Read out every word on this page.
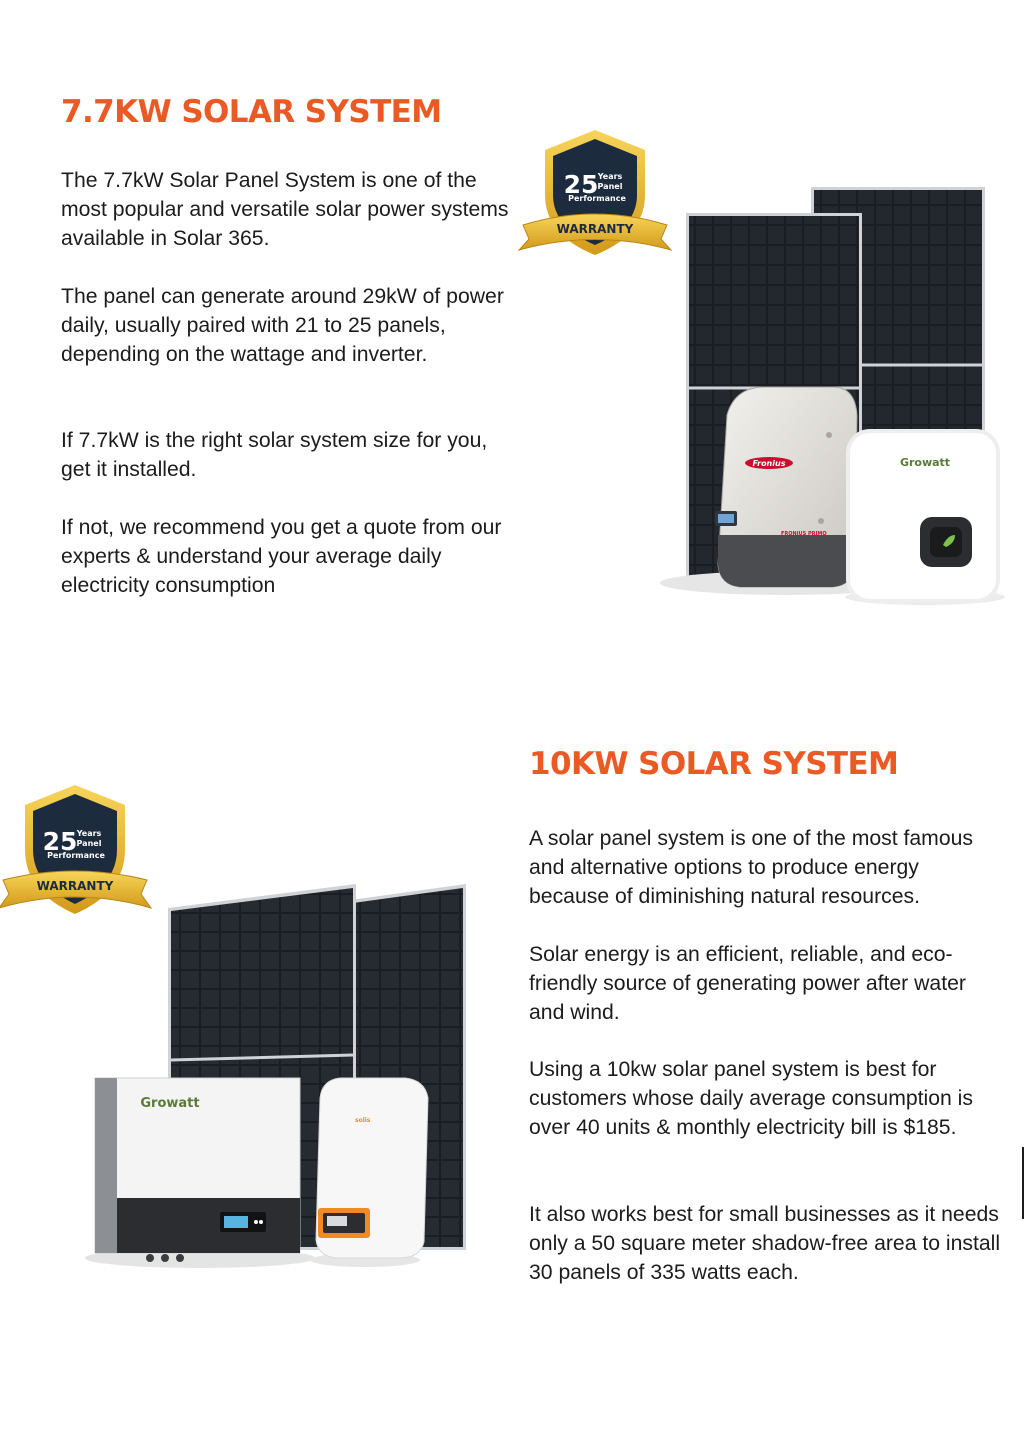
7.7KW SOLAR SYSTEM

The 7.7kW Solar Panel System is one of the most popular and versatile solar power systems available in Solar 365.

The panel can generate around 29kW of power daily, usually paired with 21 to 25 panels, depending on the wattage and inverter.

If 7.7kW is the right solar system size for you, get it installed.

If not, we recommend you get a quote from our experts & understand your average daily electricity consumption

Fronius
FRONIUS PRIMO
Growatt
25 Years
Panel
Performance
WARRANTY
10KW SOLAR SYSTEM

A solar panel system is one of the most famous and alternative options to produce energy because of diminishing natural resources.

Solar energy is an efficient, reliable, and eco-friendly source of generating power after water and wind.

Using a 10kw solar panel system is best for customers whose daily average consumption is over 40 units & monthly electricity bill is $185.

It also works best for small businesses as it needs only a 50 square meter shadow-free area to install 30 panels of 335 watts each.

Growatt
solis
25 Years
Panel
Performance
WARRANTY
